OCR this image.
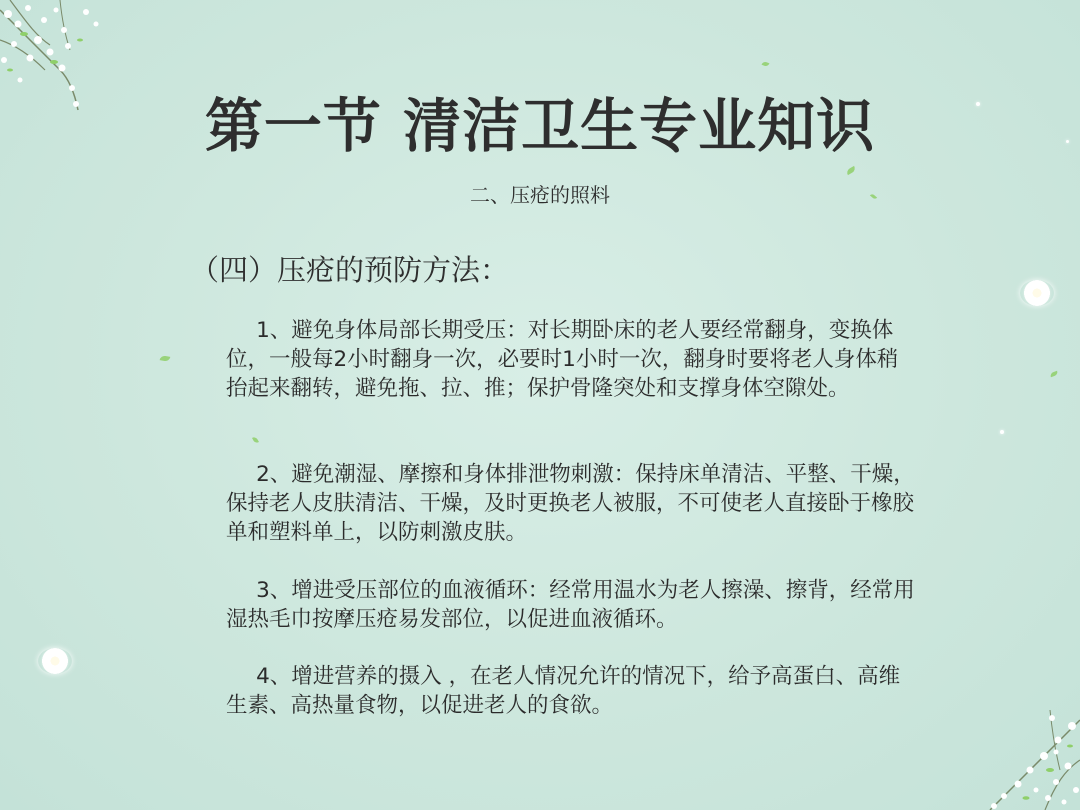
第一节 清洁卫生专业知识
二、压疮的照料
（四）压疮的预防方法：

1、避免身体局部长期受压：对长期卧床的老人要经常翻身，变换体位，一般每2小时翻身一次，必要时1小时一次，翻身时要将老人身体稍抬起来翻转，避免拖、拉、推；保护骨隆突处和支撑身体空隙处。

2、避免潮湿、摩擦和身体排泄物刺激：保持床单清洁、平整、干燥，保持老人皮肤清洁、干燥，及时更换老人被服，不可使老人直接卧于橡胶单和塑料单上，以防刺激皮肤。

3、增进受压部位的血液循环：经常用温水为老人擦澡、擦背，经常用湿热毛巾按摩压疮易发部位，以促进血液循环。

4、增进营养的摄入 ，在老人情况允许的情况下，给予高蛋白、高维生素、高热量食物，以促进老人的食欲。
